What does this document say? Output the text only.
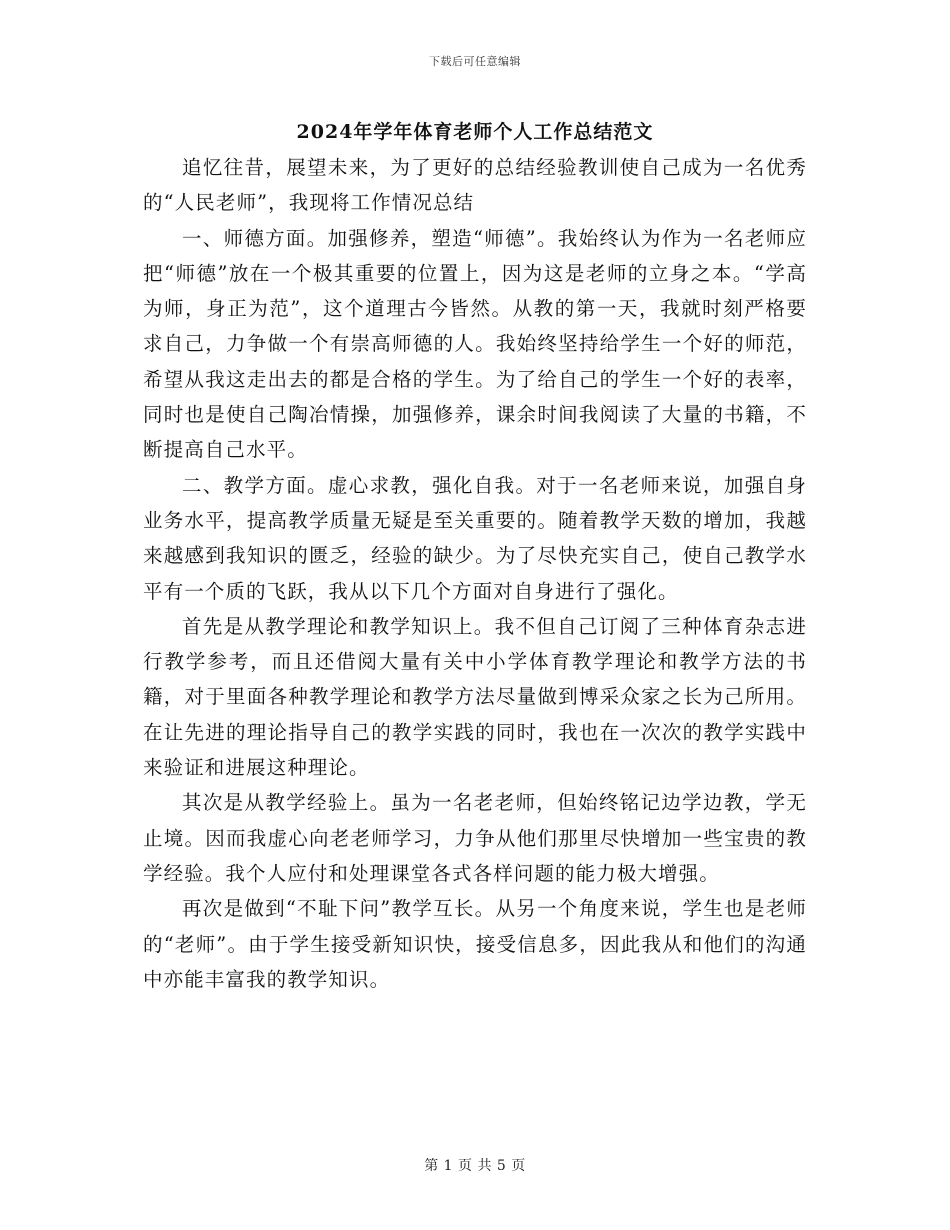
下载后可任意编辑
2024年学年体育老师个人工作总结范文

追忆往昔，展望未来，为了更好的总结经验教训使自己成为一名优秀的“人民老师”，我现将工作情况总结

一、师德方面。加强修养，塑造“师德”。我始终认为作为一名老师应把“师德”放在一个极其重要的位置上，因为这是老师的立身之本。“学高为师，身正为范”，这个道理古今皆然。从教的第一天，我就时刻严格要求自己，力争做一个有崇高师德的人。我始终坚持给学生一个好的师范，希望从我这走出去的都是合格的学生。为了给自己的学生一个好的表率，同时也是使自己陶冶情操，加强修养，课余时间我阅读了大量的书籍，不断提高自己水平。

二、教学方面。虚心求教，强化自我。对于一名老师来说，加强自身业务水平，提高教学质量无疑是至关重要的。随着教学天数的增加，我越来越感到我知识的匮乏，经验的缺少。为了尽快充实自己，使自己教学水平有一个质的飞跃，我从以下几个方面对自身进行了强化。

首先是从教学理论和教学知识上。我不但自己订阅了三种体育杂志进行教学参考，而且还借阅大量有关中小学体育教学理论和教学方法的书籍，对于里面各种教学理论和教学方法尽量做到博采众家之长为己所用。在让先进的理论指导自己的教学实践的同时，我也在一次次的教学实践中来验证和进展这种理论。

其次是从教学经验上。虽为一名老老师，但始终铭记边学边教，学无止境。因而我虚心向老老师学习，力争从他们那里尽快增加一些宝贵的教学经验。我个人应付和处理课堂各式各样问题的能力极大增强。

再次是做到“不耻下问”教学互长。从另一个角度来说，学生也是老师的“老师”。由于学生接受新知识快，接受信息多，因此我从和他们的沟通中亦能丰富我的教学知识。

第 1 页 共 5 页
